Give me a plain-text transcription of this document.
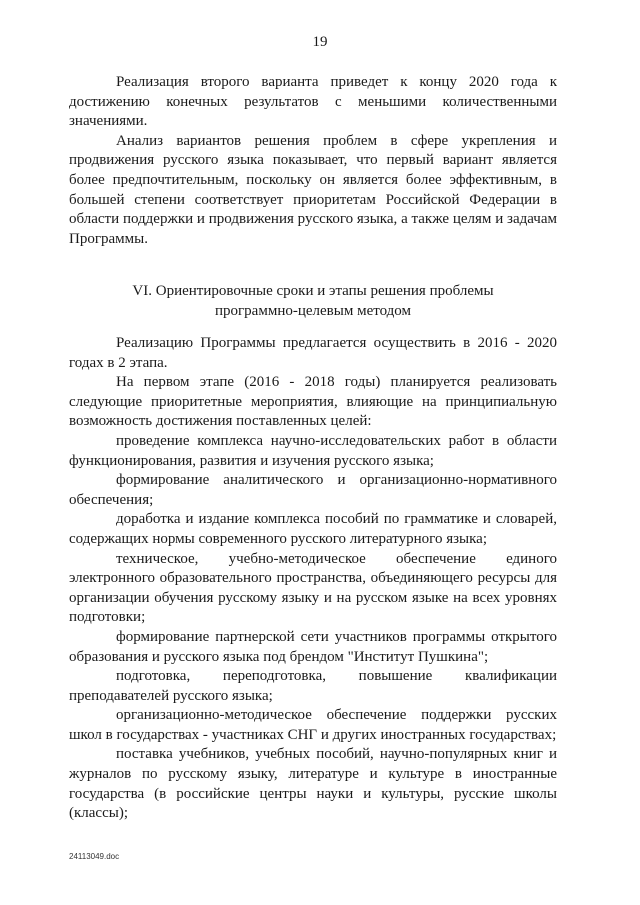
19

Реализация второго варианта приведет к концу 2020 года к достижению конечных результатов с меньшими количественными значениями.

Анализ вариантов решения проблем в сфере укрепления и продвижения русского языка показывает, что первый вариант является более предпочтительным, поскольку он является более эффективным, в большей степени соответствует приоритетам Российской Федерации в области поддержки и продвижения русского языка, а также целям и задачам Программы.

VI. Ориентировочные сроки и этапы решения проблемы
программно-целевым методом

Реализацию Программы предлагается осуществить в 2016 - 2020 годах в 2 этапа.

На первом этапе (2016 - 2018 годы) планируется реализовать следующие приоритетные мероприятия, влияющие на принципиальную возможность достижения поставленных целей:

проведение комплекса научно-исследовательских работ в области функционирования, развития и изучения русского языка;

формирование аналитического и организационно-нормативного обеспечения;

доработка и издание комплекса пособий по грамматике и словарей, содержащих нормы современного русского литературного языка;

техническое, учебно-методическое обеспечение единого электронного образовательного пространства, объединяющего ресурсы для организации обучения русскому языку и на русском языке на всех уровнях подготовки;

формирование партнерской сети участников программы открытого образования и русского языка под брендом "Институт Пушкина";

подготовка, переподготовка, повышение квалификации преподавателей русского языка;

организационно-методическое обеспечение поддержки русских школ в государствах - участниках СНГ и других иностранных государствах;

поставка учебников, учебных пособий, научно-популярных книг и журналов по русскому языку, литературе и культуре в иностранные государства (в российские центры науки и культуры, русские школы (классы);

24113049.doc
